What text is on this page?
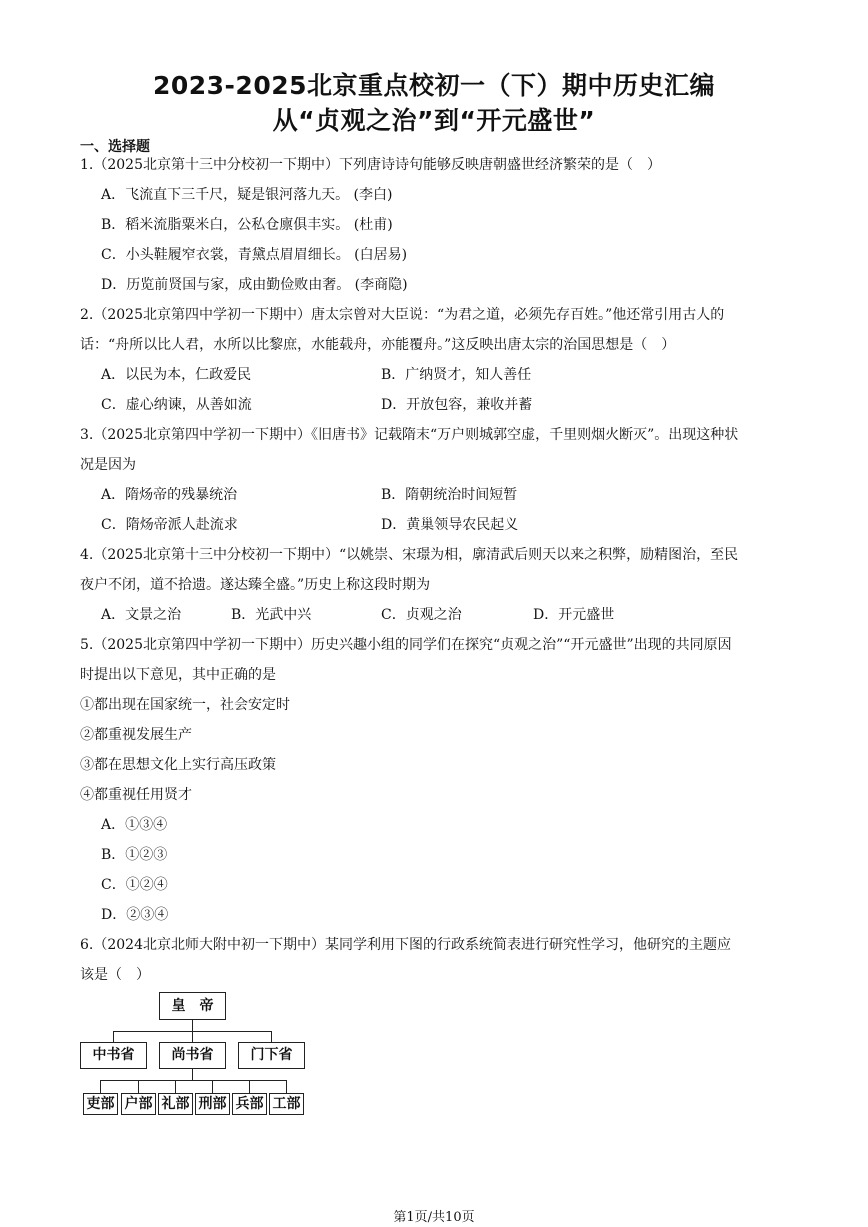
2023-2025北京重点校初一（下）期中历史汇编
从“贞观之治”到“开元盛世”
一、选择题
1.（2025北京第十三中分校初一下期中）下列唐诗诗句能够反映唐朝盛世经济繁荣的是（　）
A．飞流直下三千尺，疑是银河落九天。 (李白)
B．稻米流脂粟米白，公私仓廪俱丰实。 (杜甫)
C．小头鞋履窄衣裳，青黛点眉眉细长。 (白居易)
D．历览前贤国与家，成由勤俭败由奢。 (李商隐)
2.（2025北京第四中学初一下期中）唐太宗曾对大臣说：“为君之道，必须先存百姓。”他还常引用古人的
话：“舟所以比人君，水所以比黎庶，水能载舟，亦能覆舟。”这反映出唐太宗的治国思想是（　）
A．以民为本，仁政爱民	B．广纳贤才，知人善任
C．虚心纳谏，从善如流	D．开放包容，兼收并蓄
3.（2025北京第四中学初一下期中）《旧唐书》记载隋末“万户则城郭空虚，千里则烟火断灭”。出现这种状
况是因为
A．隋炀帝的残暴统治	B．隋朝统治时间短暂
C．隋炀帝派人赴流求	D．黄巢领导农民起义
4.（2025北京第十三中分校初一下期中）“以姚崇、宋璟为相，廓清武后则天以来之积弊，励精图治，至民
夜户不闭，道不拾遗。遂达臻全盛。”历史上称这段时期为
A．文景之治	B．光武中兴	C．贞观之治	D．开元盛世
5.（2025北京第四中学初一下期中）历史兴趣小组的同学们在探究“贞观之治”“开元盛世”出现的共同原因
时提出以下意见，其中正确的是
①都出现在国家统一，社会安定时
②都重视发展生产
③都在思想文化上实行高压政策
④都重视任用贤才
A．①③④
B．①②③
C．①②④
D．②③④
6.（2024北京北师大附中初一下期中）某同学利用下图的行政系统简表进行研究性学习，他研究的主题应
该是（　）
皇　帝
中书省	尚书省	门下省
吏部 户部 礼部 刑部 兵部 工部
第1页/共10页
